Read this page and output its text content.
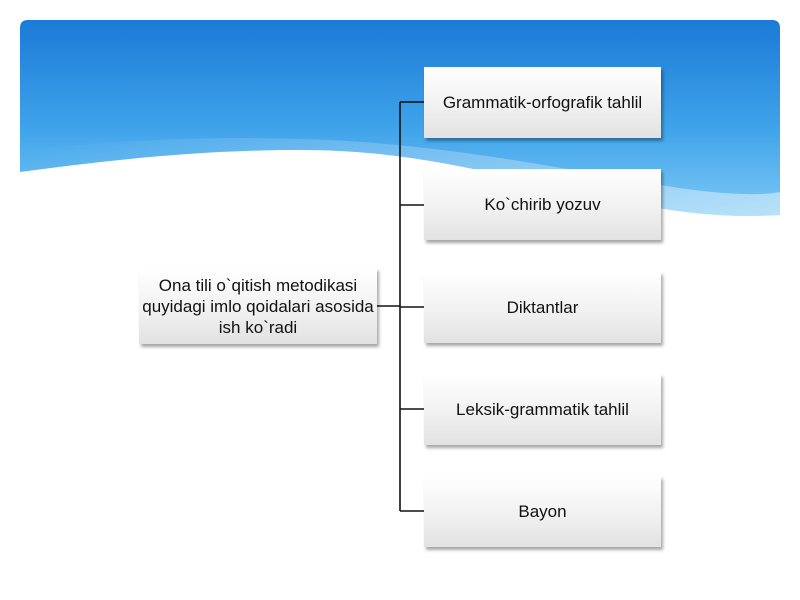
Ona tili o`qitish metodikasi quyidagi imlo qoidalari asosida ish ko`radi
Grammatik-orfografik tahlil
Ko`chirib yozuv
Diktantlar
Leksik-grammatik tahlil
Bayon
